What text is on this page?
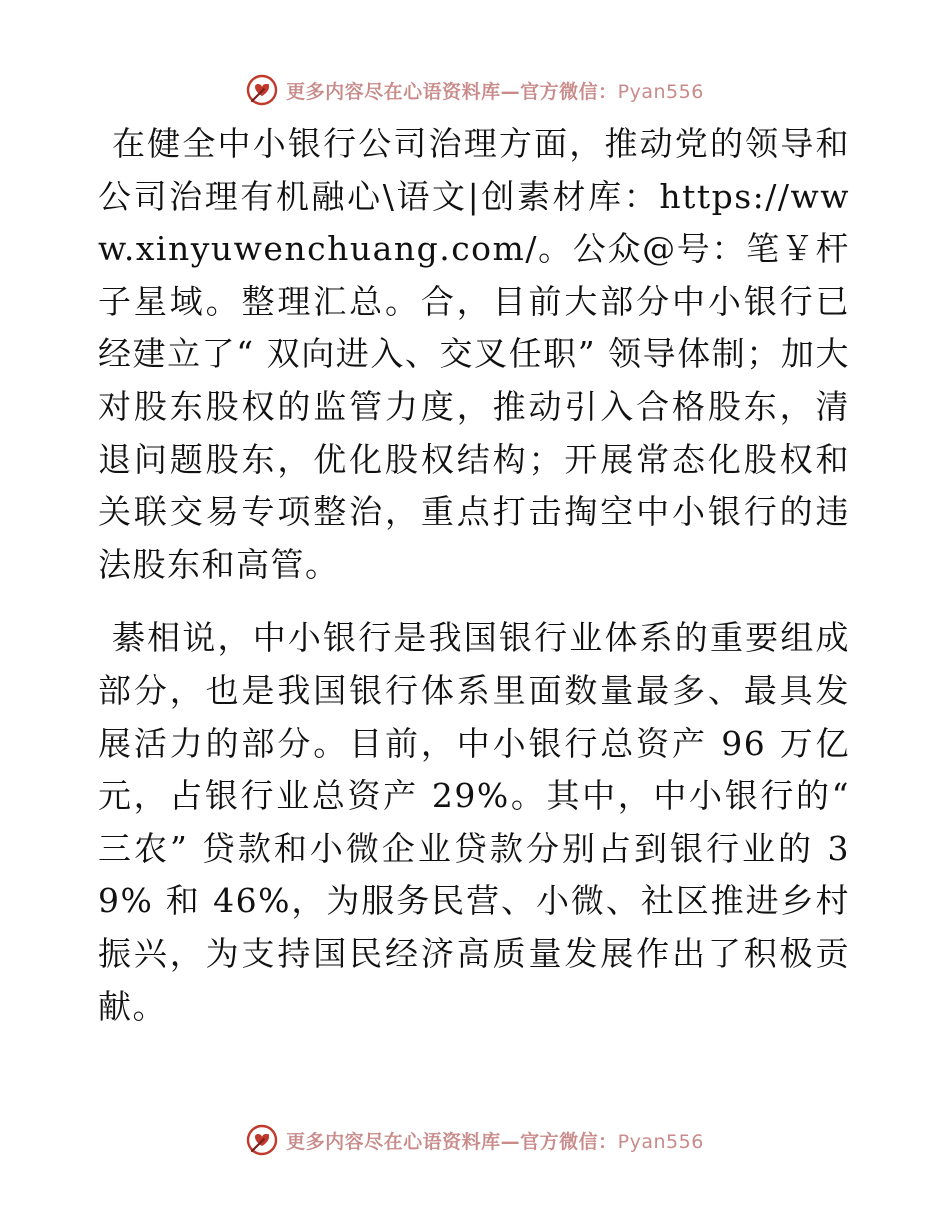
更多内容尽在心语资料库—官方微信：Pyan556

在健全中小银行公司治理方面，推动党的领导和公司治理有机融心\语文|创素材库：https://www.xinyuwenchuang.com/。公众@号：笔￥杆子星域。整理汇总。合，目前大部分中小银行已经建立了“ 双向进入、交叉任职” 领导体制；加大对股东股权的监管力度，推动引入合格股东，清退问题股东，优化股权结构；开展常态化股权和关联交易专项整治，重点打击掏空中小银行的违法股东和高管。

綦相说，中小银行是我国银行业体系的重要组成部分，也是我国银行体系里面数量最多、最具发展活力的部分。目前，中小银行总资产 96 万亿元，占银行业总资产 29%。其中，中小银行的“ 三农” 贷款和小微企业贷款分别占到银行业的 39% 和 46%，为服务民营、小微、社区推进乡村振兴，为支持国民经济高质量发展作出了积极贡献。

更多内容尽在心语资料库—官方微信：Pyan556
